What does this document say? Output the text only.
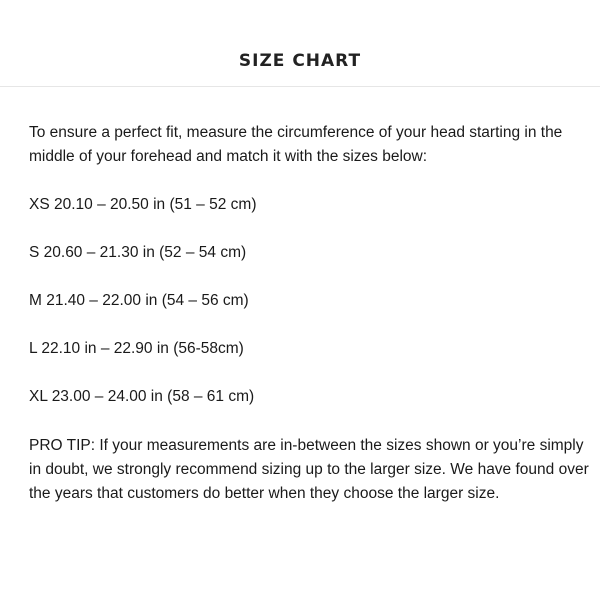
SIZE CHART

To ensure a perfect fit, measure the circumference of your head starting in the middle of your forehead and match it with the sizes below:

XS 20.10 – 20.50 in (51 – 52 cm)

S 20.60 – 21.30 in (52 – 54 cm)

M 21.40 – 22.00 in (54 – 56 cm)

L 22.10 in – 22.90 in (56-58cm)

XL 23.00 – 24.00 in (58 – 61 cm)

PRO TIP: If your measurements are in-between the sizes shown or you’re simply in doubt, we strongly recommend sizing up to the larger size. We have found over the years that customers do better when they choose the larger size.
